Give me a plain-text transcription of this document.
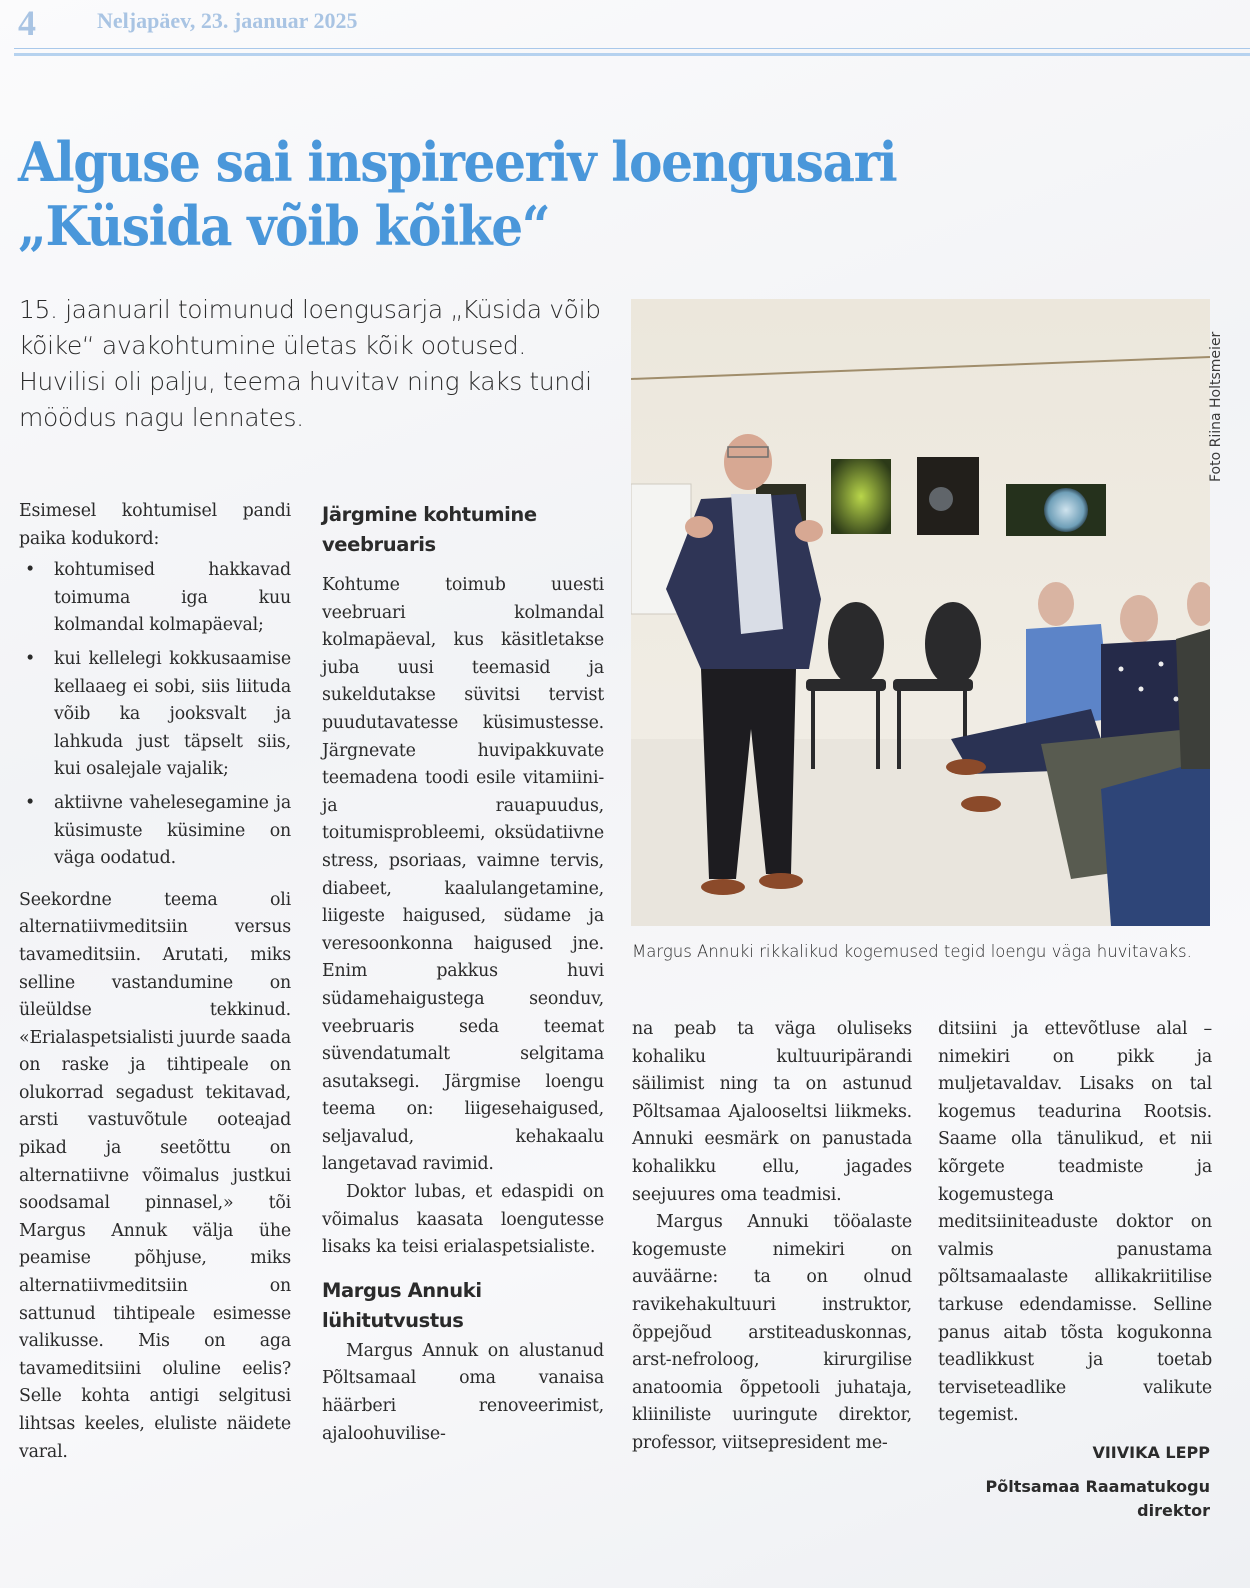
4	Neljapäev, 23. jaanuar 2025
Alguse sai inspireeriv loengusari
„Küsida võib kõike“
15. jaanuaril toimunud loengusarja „Küsida võib kõike“ avakohtumine ületas kõik ootused. Huvilisi oli palju, teema huvitav ning kaks tundi möödus nagu lennates.

Esimesel kohtumisel pandi paika kodukord:

• kohtumised hakkavad toimuma iga kuu kolmandal kolmapäeval;
• kui kellelegi kokkusaamise kellaaeg ei sobi, siis liituda võib ka jooksvalt ja lahkuda just täpselt siis, kui osalejale vajalik;
• aktiivne vahelesegamine ja küsimuste küsimine on väga oodatud.

Seekordne teema oli alternatiivmeditsiin versus tavameditsiin. Arutati, miks selline vastandumine on üleüldse tekkinud. «Erialaspetsialisti juurde saada on raske ja tihtipeale on olukorrad segadust tekitavad, arsti vastuvõtule ooteajad pikad ja seetõttu on alternatiivne võimalus justkui soodsamal pinnasel,» tõi Margus Annuk välja ühe peamise põhjuse, miks alternatiivmeditsiin on sattunud tihtipeale esimesse valikusse. Mis on aga tavameditsiini oluline eelis? Selle kohta antigi selgitusi lihtsas keeles, eluliste näidete varal.

Järgmine kohtumine veebruaris

Kohtume toimub uuesti veebruari kolmandal kolmapäeval, kus käsitletakse juba uusi teemasid ja sukeldutakse süvitsi tervist puudutavatesse küsimustesse. Järgnevate huvipakkuvate teemadena toodi esile vitamiini- ja rauapuudus, toitumisprobleemi, oksüdatiivne stress, psoriaas, vaimne tervis, diabeet, kaalulangetamine, liigeste haigused, südame ja veresoonkonna haigused jne. Enim pakkus huvi südamehaigustega seonduv, veebruaris seda teemat süvendatumalt selgitama asutaksegi. Järgmise loengu teema on: liigesehaigused, seljavalud, kehakaalu langetavad ravimid.

Doktor lubas, et edaspidi on võimalus kaasata loengutesse lisaks ka teisi erialaspetsialiste.

Margus Annuki lühitutvustus

Margus Annuk on alustanud Põltsamaal oma vanaisa häärberi renoveerimist, ajaloohuvilise-

Foto Riina Holtsmeier
Margus Annuki rikkalikud kogemused tegid loengu väga huvitavaks.

na peab ta väga oluliseks kohaliku kultuuripärandi säilimist ning ta on astunud Põltsamaa Ajalooseltsi liikmeks. Annuki eesmärk on panustada kohalikku ellu, jagades seejuures oma teadmisi.

Margus Annuki tööalaste kogemuste nimekiri on auväärne: ta on olnud ravikehakultuuri instruktor, õppejõud arstiteaduskonnas, arst-nefroloog, kirurgilise anatoomia õppetooli juhataja, kliiniliste uuringute direktor, professor, viitsepresident me-

ditsiini ja ettevõtluse alal – nimekiri on pikk ja muljetavaldav. Lisaks on tal kogemus teadurina Rootsis. Saame olla tänulikud, et nii kõrgete teadmiste ja kogemustega meditsiiniteaduste doktor on valmis panustama põltsamaalaste allikakriitilise tarkuse edendamisse. Selline panus aitab tõsta kogukonna teadlikkust ja toetab terviseteadlike valikute tegemist.

VIIVIKA LEPP
Põltsamaa Raamatukogu direktor
